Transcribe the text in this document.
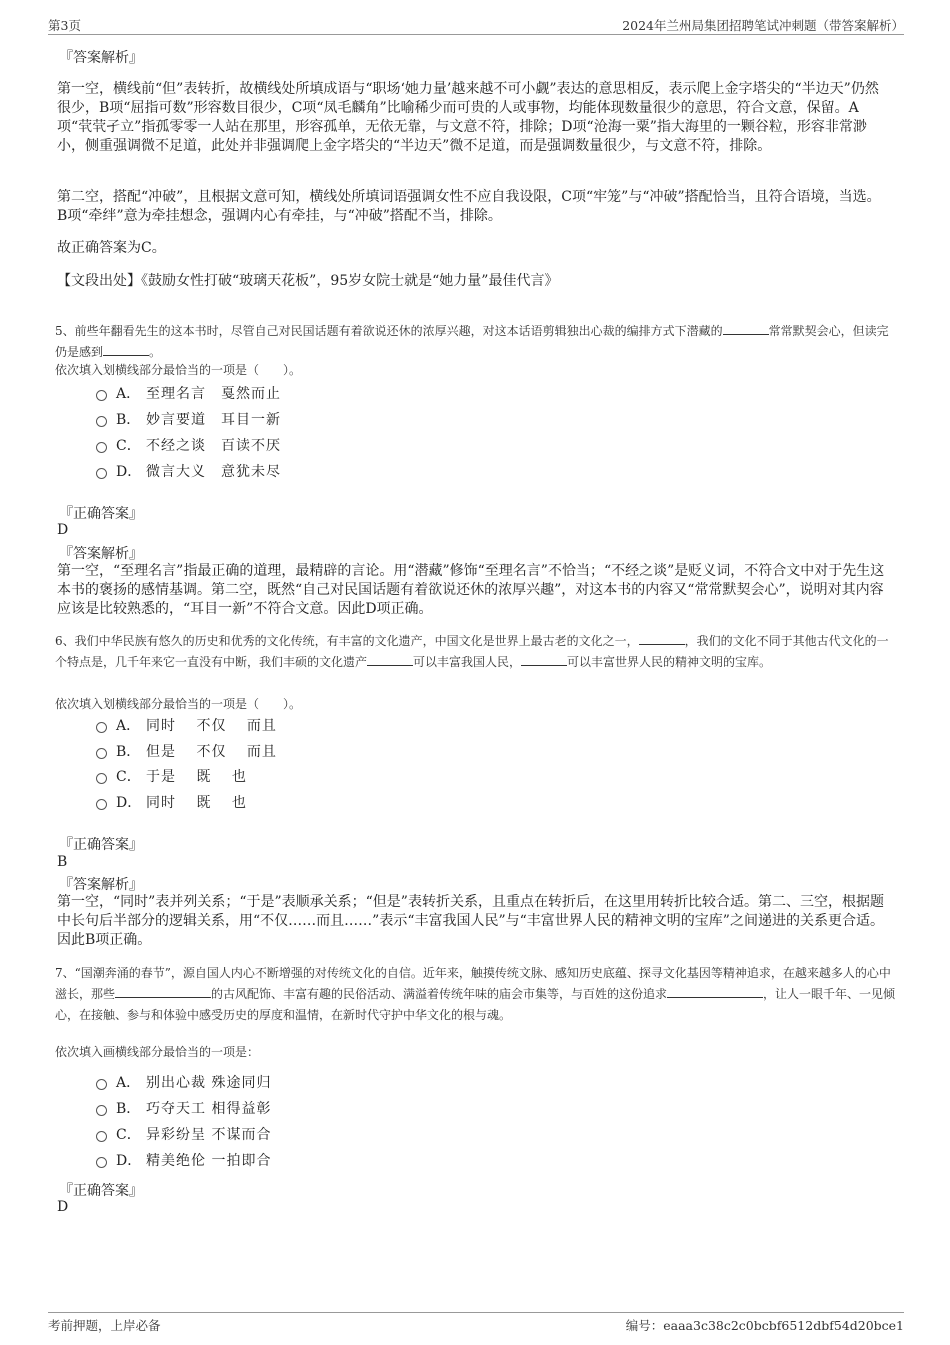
第3页	2024年兰州局集团招聘笔试冲刺题（带答案解析）
『答案解析』

第一空，横线前“但”表转折，故横线处所填成语与“职场‘她力量’越来越不可小觑”表达的意思相反，表示爬上金字塔尖的“半边天”仍然很少，B项“屈指可数”形容数目很少，C项“凤毛麟角”比喻稀少而可贵的人或事物，均能体现数量很少的意思，符合文意，保留。A项“茕茕孑立”指孤零零一人站在那里，形容孤单，无依无靠，与文意不符，排除；D项“沧海一粟”指大海里的一颗谷粒，形容非常渺小，侧重强调微不足道，此处并非强调爬上金字塔尖的“半边天”微不足道，而是强调数量很少，与文意不符，排除。

第二空，搭配“冲破”，且根据文意可知，横线处所填词语强调女性不应自我设限，C项“牢笼”与“冲破”搭配恰当，且符合语境，当选。B项“牵绊”意为牵挂想念，强调内心有牵挂，与“冲破”搭配不当，排除。

故正确答案为C。

【文段出处】《鼓励女性打破“玻璃天花板”，95岁女院士就是“她力量”最佳代言》

5、前些年翻看先生的这本书时，尽管自己对民国话题有着欲说还休的浓厚兴趣，对这本话语剪辑独出心裁的编排方式下潜藏的	常常默契会心，但读完仍是感到	。
依次填入划横线部分最恰当的一项是（　　）。
A． 至理名言　戛然而止
B． 妙言要道　耳目一新
C． 不经之谈　百读不厌
D． 微言大义　意犹未尽
『正确答案』
D
『答案解析』

第一空，“至理名言”指最正确的道理，最精辟的言论。用“潜藏”修饰“至理名言”不恰当；“不经之谈”是贬义词，不符合文中对于先生这本书的褒扬的感情基调。第二空，既然“自己对民国话题有着欲说还休的浓厚兴趣”，对这本书的内容又“常常默契会心”，说明对其内容应该是比较熟悉的，“耳目一新”不符合文意。因此D项正确。

6、我们中华民族有悠久的历史和优秀的文化传统，有丰富的文化遗产，中国文化是世界上最古老的文化之一，	，我们的文化不同于其他古代文化的一个特点是，几千年来它一直没有中断，我们丰硕的文化遗产	可以丰富我国人民，	可以丰富世界人民的精神文明的宝库。
依次填入划横线部分最恰当的一项是（　　）。
A． 同时　 不仅　 而且
B． 但是　 不仅　 而且
C． 于是　 既　 也
D． 同时　 既　 也
『正确答案』
B
『答案解析』

第一空，“同时”表并列关系；“于是”表顺承关系；“但是”表转折关系，且重点在转折后，在这里用转折比较合适。第二、三空，根据题中长句后半部分的逻辑关系，用“不仅……而且……”表示“丰富我国人民”与“丰富世界人民的精神文明的宝库”之间递进的关系更合适。因此B项正确。

7、“国潮奔涌的春节”，源自国人内心不断增强的对传统文化的自信。近年来，触摸传统文脉、感知历史底蕴、探寻文化基因等精神追求，在越来越多人的心中滋长，那些	的古风配饰、丰富有趣的民俗活动、满溢着传统年味的庙会市集等，与百姓的这份追求	，让人一眼千年、一见倾心，在接触、参与和体验中感受历史的厚度和温情，在新时代守护中华文化的根与魂。
依次填入画横线部分最恰当的一项是：
A． 别出心裁 殊途同归
B． 巧夺天工 相得益彰
C． 异彩纷呈 不谋而合
D． 精美绝伦 一拍即合
『正确答案』
D
考前押题，上岸必备	编号：eaaa3c38c2c0bcbf6512dbf54d20bce1
